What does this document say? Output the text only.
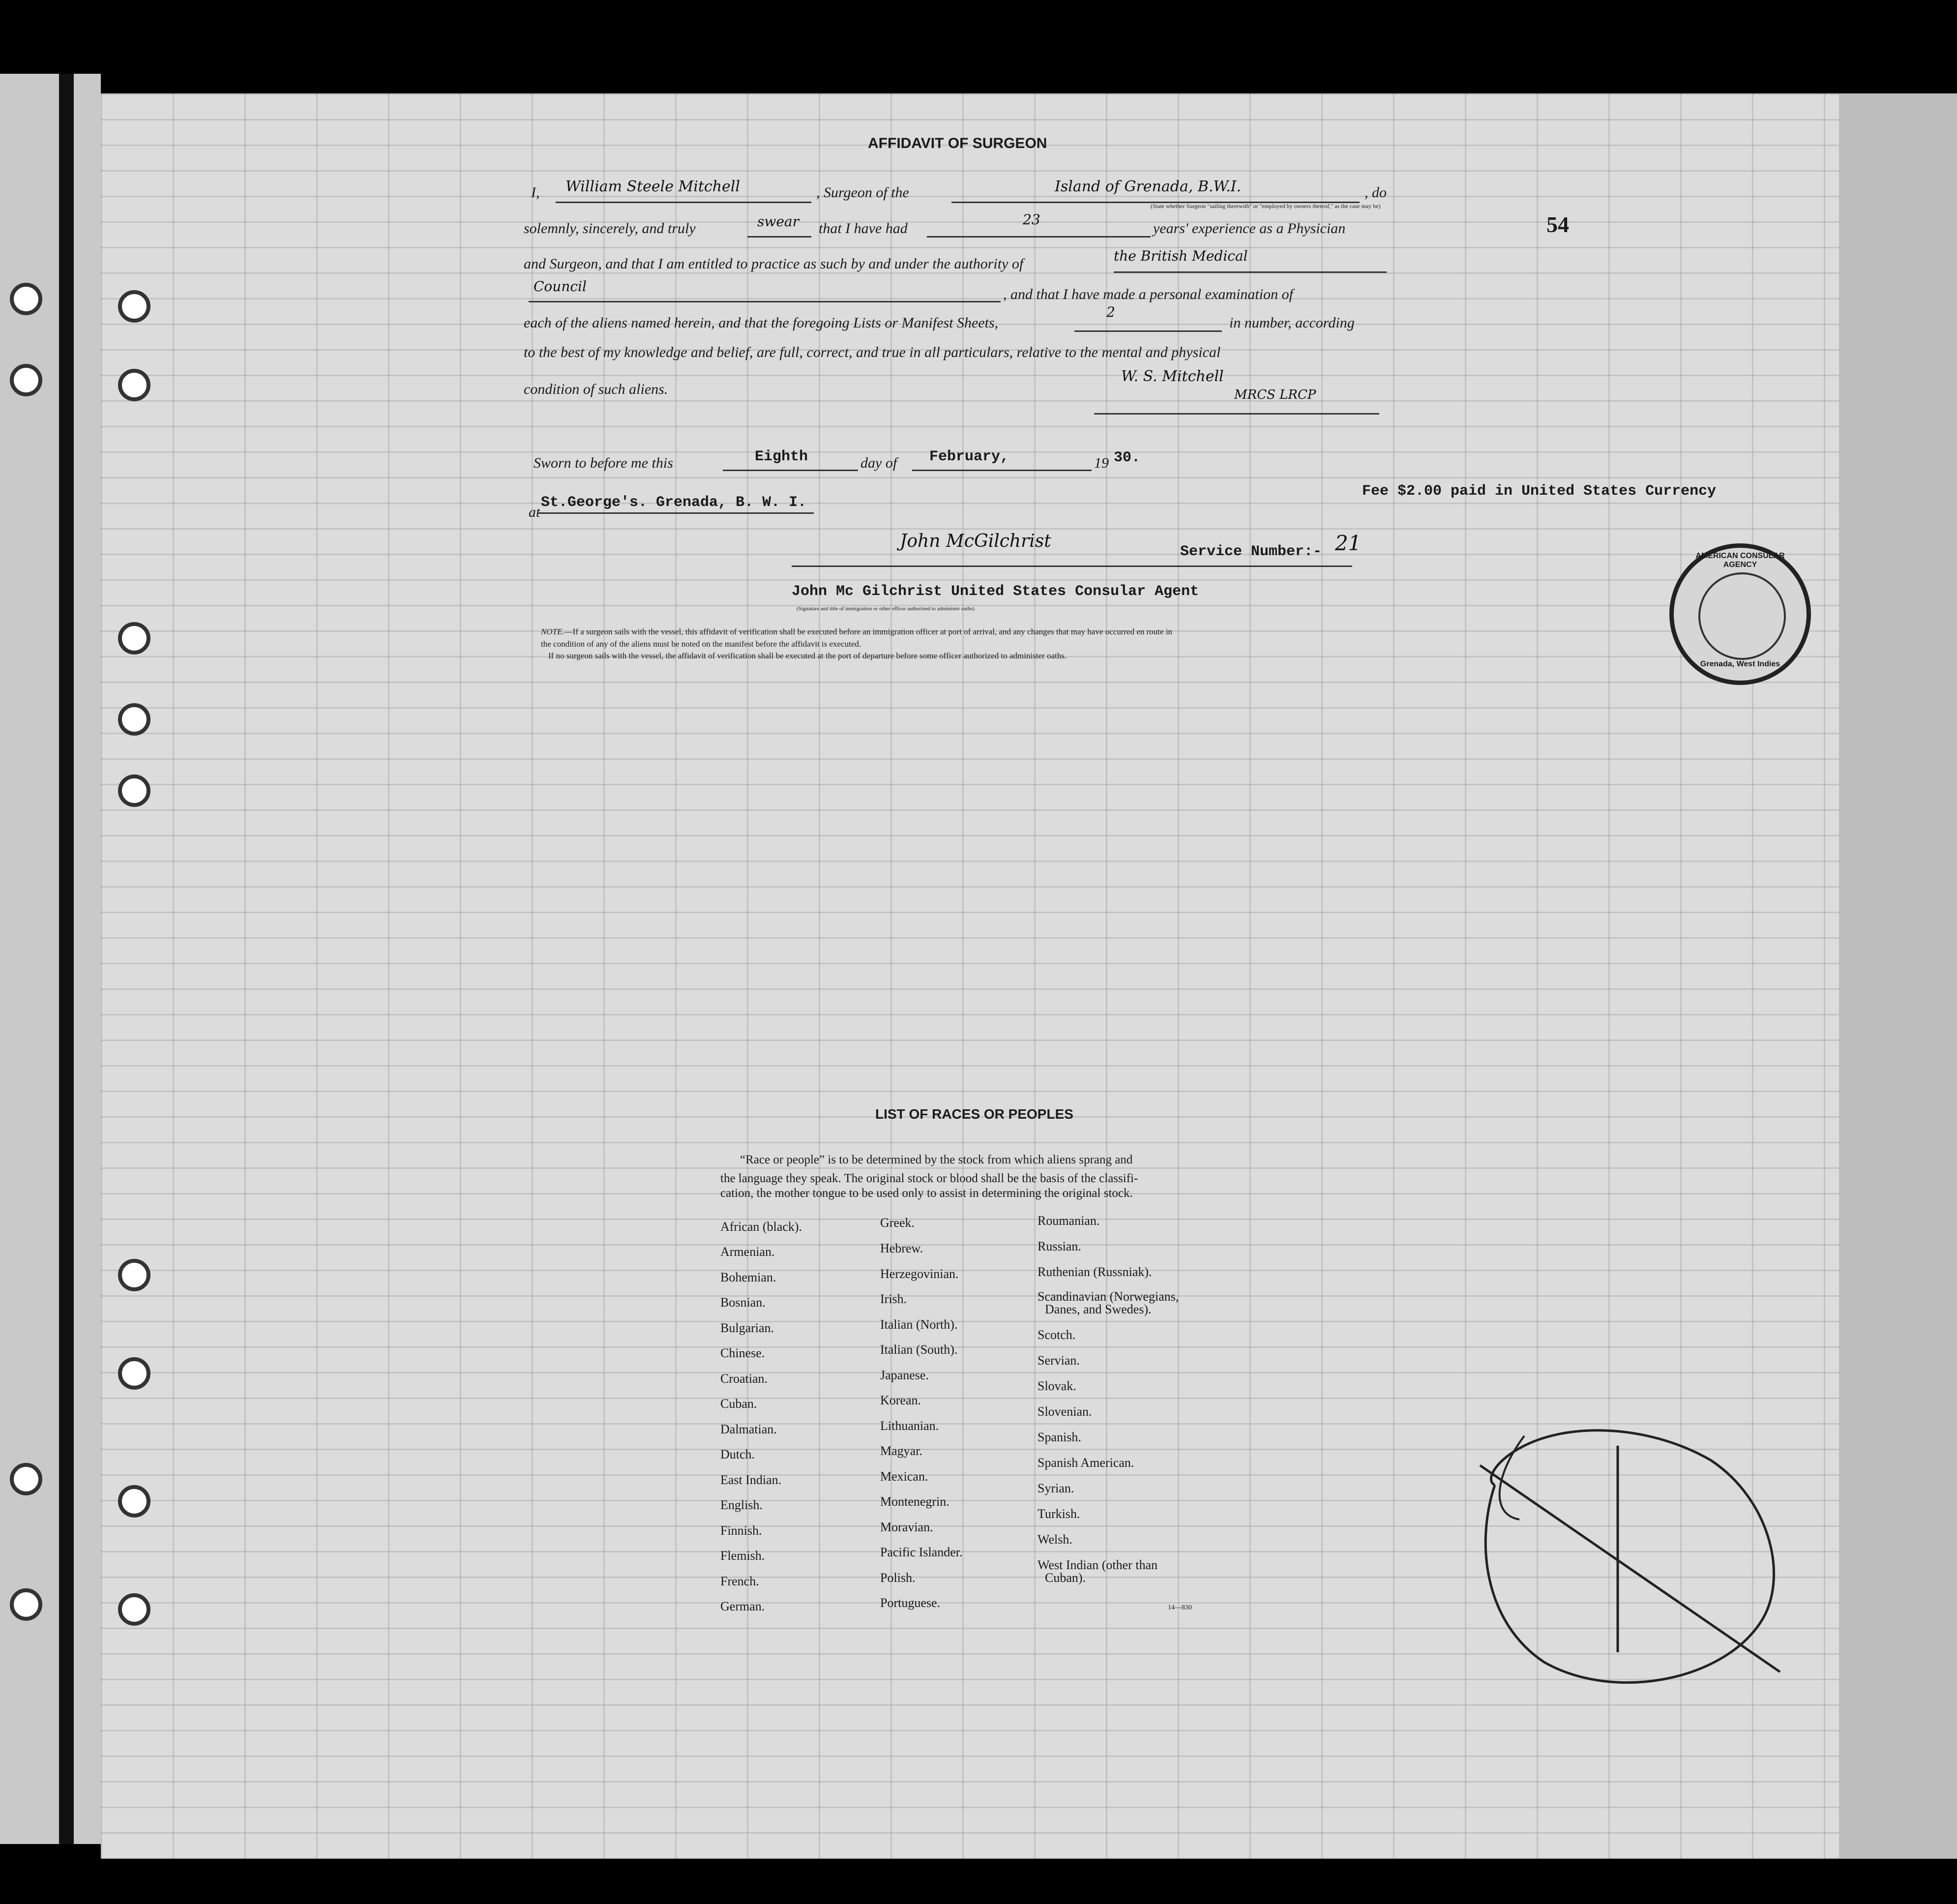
AFFIDAVIT OF SURGEON
54
I, William Steele Mitchell	, Surgeon of the	Island of Grenada, B.W.I.
(State whether Surgeon "sailing therewith" or "employed by owners thereof," as the case may be)
, do
solemnly, sincerely, and truly	swear that I have had
23
years' experience as a Physician
and Surgeon, and that I am entitled to practice as such by and under the authority of	the British Medical
Council	, and that I have made a personal examination of
each of the aliens named herein, and that the foregoing Lists or Manifest Sheets,
2
in number, according
to the best of my knowledge and belief, are full, correct, and true in all particulars, relative to the mental and physical
condition of such aliens.
W. S. Mitchell
MRCS LRCP
Sworn to before me this	Eighth	day of February,	19 30.
Fee $2.00 paid in United States Currency
at
St.George's. Grenada, B. W. I.
John McGilchrist
Service Number:- 21
John Mc Gilchrist United States Consular Agent
(Signature and title of immigration or other officer authorized to administer oaths)
NOTE.—If a surgeon sails with the vessel, this affidavit of verification shall be executed before an immigration officer at port of arrival, and any changes that may have occurred en route in
the condition of any of the aliens must be noted on the manifest before the affidavit is executed.
If no surgeon sails with the vessel, the affidavit of verification shall be executed at the port of departure before some officer authorized to administer oaths.
AMERICAN CONSULAR AGENCY
Grenada, West Indies
LIST OF RACES OR PEOPLES
“Race or people” is to be determined by the stock from which aliens sprang and
the language they speak. The original stock or blood shall be the basis of the classifi-
cation, the mother tongue to be used only to assist in determining the original stock.
African (black).
Armenian.
Bohemian.
Bosnian.
Bulgarian.
Chinese.
Croatian.
Cuban.
Dalmatian.
Dutch.
East Indian.
English.
Finnish.
Flemish.
French.
German.
Greek.
Hebrew.
Herzegovinian.
Irish.
Italian (North).
Italian (South).
Japanese.
Korean.
Lithuanian.
Magyar.
Mexican.
Montenegrin.
Moravian.
Pacific Islander.
Polish.
Portuguese.
Roumanian.
Russian.
Ruthenian (Russniak).
Scandinavian (Norwegians,
Danes, and Swedes).
Scotch.
Servian.
Slovak.
Slovenian.
Spanish.
Spanish American.
Syrian.
Turkish.
Welsh.
West Indian (other than
Cuban).
14—830
